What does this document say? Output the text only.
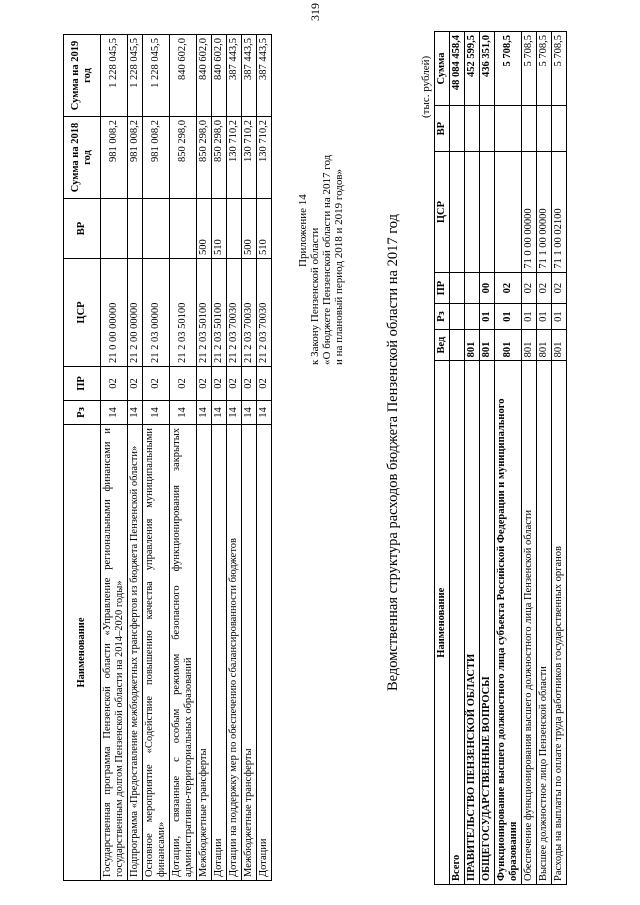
319
Наименование	Рз	ПР	ЦСР	ВР	Сумма на 2018 год	Сумма на 2019 год
Государственная программа Пензенской области «Управление региональными финансами и государственным долгом Пензенской области на 2014–2020 годы»	14	02	21 0 00 00000		981 008,2	1 228 045,5
Подпрограмма «Предоставление межбюджетных трансфертов из бюджета Пензенской области»	14	02	21 2 00 00000		981 008,2	1 228 045,5
Основное мероприятие «Содействие повышению качества управления муниципальными финансами»	14	02	21 2 03 00000		981 008,2	1 228 045,5
Дотации, связанные с особым режимом безопасного функционирования закрытых административно-территориальных образований	14	02	21 2 03 50100		850 298,0	840 602,0
Межбюджетные трансферты	14	02	21 2 03 50100	500	850 298,0	840 602,0
Дотации	14	02	21 2 03 50100	510	850 298,0	840 602,0
Дотации на поддержку мер по обеспечению сбалансированности бюджетов	14	02	21 2 03 70030		130 710,2	387 443,5
Межбюджетные трансферты	14	02	21 2 03 70030	500	130 710,2	387 443,5
Дотации	14	02	21 2 03 70030	510	130 710,2	387 443,5
Приложение 14 к Закону Пензенской области «О бюджете Пензенской области на 2017 год и на плановый период 2018 и 2019 годов»	Ведомственная структура расходов бюджета Пензенской области на 2017 год
(тыс. рублей)
Наименование	Вед	Рз	ПР	ЦСР	ВР	Сумма
Всего						48 084 458,4
ПРАВИТЕЛЬСТВО ПЕНЗЕНСКОЙ ОБЛАСТИ	801					452 599,5
ОБЩЕГОСУДАРСТВЕННЫЕ ВОПРОСЫ	801	01	00			436 351,0
Функционирование высшего должностного лица субъекта Российской Федерации и муниципального образования	801	01	02			5 708,5
Обеспечение функционирования высшего должностного лица Пензенской области	801	01	02	71 0 00 00000		5 708,5
Высшее должностное лицо Пензенской области	801	01	02	71 1 00 00000		5 708,5
Расходы на выплаты по оплате труда работников государственных органов	801	01	02	71 1 00 02100		5 708,5
